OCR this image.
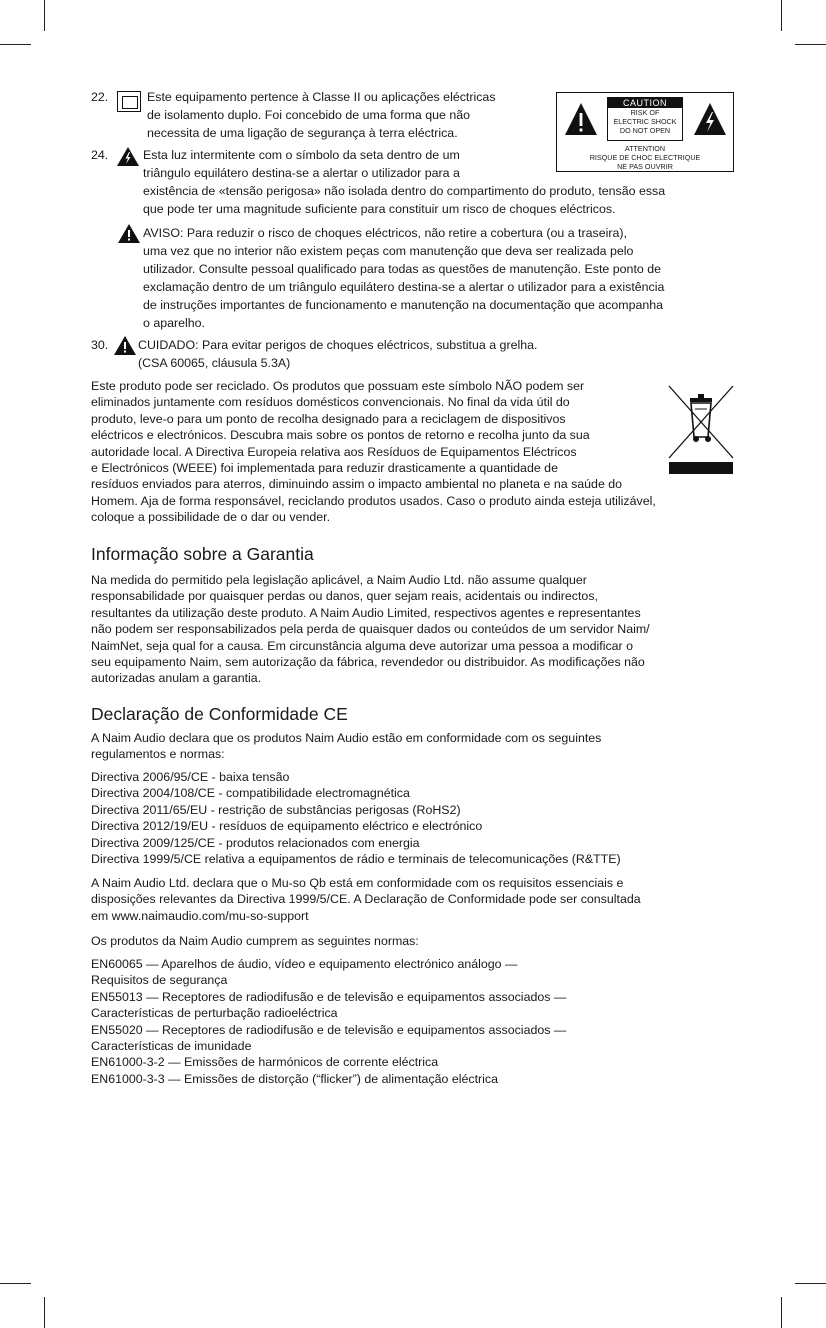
22.	Este equipamento pertence à Classe II ou aplicações eléctricas
de isolamento duplo. Foi concebido de uma forma que não
necessita de uma ligação de segurança à terra eléctrica.
CAUTION
RISK OF
ELECTRIC SHOCK
DO NOT OPEN
ATTENTION
RISQUE DE CHOC ELECTRIQUE
NE PAS OUVRIR
24.	Esta luz intermitente com o símbolo da seta dentro de um
triângulo equilátero destina-se a alertar o utilizador para a
existência de «tensão perigosa» não isolada dentro do compartimento do produto, tensão essa
que pode ter uma magnitude suficiente para constituir um risco de choques eléctricos.
AVISO: Para reduzir o risco de choques eléctricos, não retire a cobertura (ou a traseira),
uma vez que no interior não existem peças com manutenção que deva ser realizada pelo
utilizador. Consulte pessoal qualificado para todas as questões de manutenção. Este ponto de
exclamação dentro de um triângulo equilátero destina-se a alertar o utilizador para a existência
de instruções importantes de funcionamento e manutenção na documentação que acompanha
o aparelho.
30. CUIDADO: Para evitar perigos de choques eléctricos, substitua a grelha.
(CSA 60065, cláusula 5.3A)
Este produto pode ser reciclado. Os produtos que possuam este símbolo NÃO podem ser
eliminados juntamente com resíduos domésticos convencionais. No final da vida útil do
produto, leve-o para um ponto de recolha designado para a reciclagem de dispositivos
eléctricos e electrónicos. Descubra mais sobre os pontos de retorno e recolha junto da sua
autoridade local. A Directiva Europeia relativa aos Resíduos de Equipamentos Eléctricos
e Electrónicos (WEEE) foi implementada para reduzir drasticamente a quantidade de
resíduos enviados para aterros, diminuindo assim o impacto ambiental no planeta e na saúde do
Homem. Aja de forma responsável, reciclando produtos usados. Caso o produto ainda esteja utilizável,
coloque a possibilidade de o dar ou vender.
Informação sobre a Garantia
Na medida do permitido pela legislação aplicável, a Naim Audio Ltd. não assume qualquer
responsabilidade por quaisquer perdas ou danos, quer sejam reais, acidentais ou indirectos,
resultantes da utilização deste produto. A Naim Audio Limited, respectivos agentes e representantes
não podem ser responsabilizados pela perda de quaisquer dados ou conteúdos de um servidor Naim/
NaimNet, seja qual for a causa. Em circunstância alguma deve autorizar uma pessoa a modificar o
seu equipamento Naim, sem autorização da fábrica, revendedor ou distribuidor. As modificações não
autorizadas anulam a garantia.
Declaração de Conformidade CE
A Naim Audio declara que os produtos Naim Audio estão em conformidade com os seguintes
regulamentos e normas:
Directiva 2006/95/CE - baixa tensão
Directiva 2004/108/CE - compatibilidade electromagnética
Directiva 2011/65/EU - restrição de substâncias perigosas (RoHS2)
Directiva 2012/19/EU - resíduos de equipamento eléctrico e electrónico
Directiva 2009/125/CE - produtos relacionados com energia
Directiva 1999/5/CE relativa a equipamentos de rádio e terminais de telecomunicações (R&TTE)
A Naim Audio Ltd. declara que o Mu-so Qb está em conformidade com os requisitos essenciais e
disposições relevantes da Directiva 1999/5/CE. A Declaração de Conformidade pode ser consultada
em www.naimaudio.com/mu-so-support
Os produtos da Naim Audio cumprem as seguintes normas:
EN60065 — Aparelhos de áudio, vídeo e equipamento electrónico análogo —
Requisitos de segurança
EN55013 — Receptores de radiodifusão e de televisão e equipamentos associados —
Características de perturbação radioeléctrica
EN55020 — Receptores de radiodifusão e de televisão e equipamentos associados —
Características de imunidade
EN61000-3-2 — Emissões de harmónicos de corrente eléctrica
EN61000-3-3 — Emissões de distorção (“flicker”) de alimentação eléctrica
